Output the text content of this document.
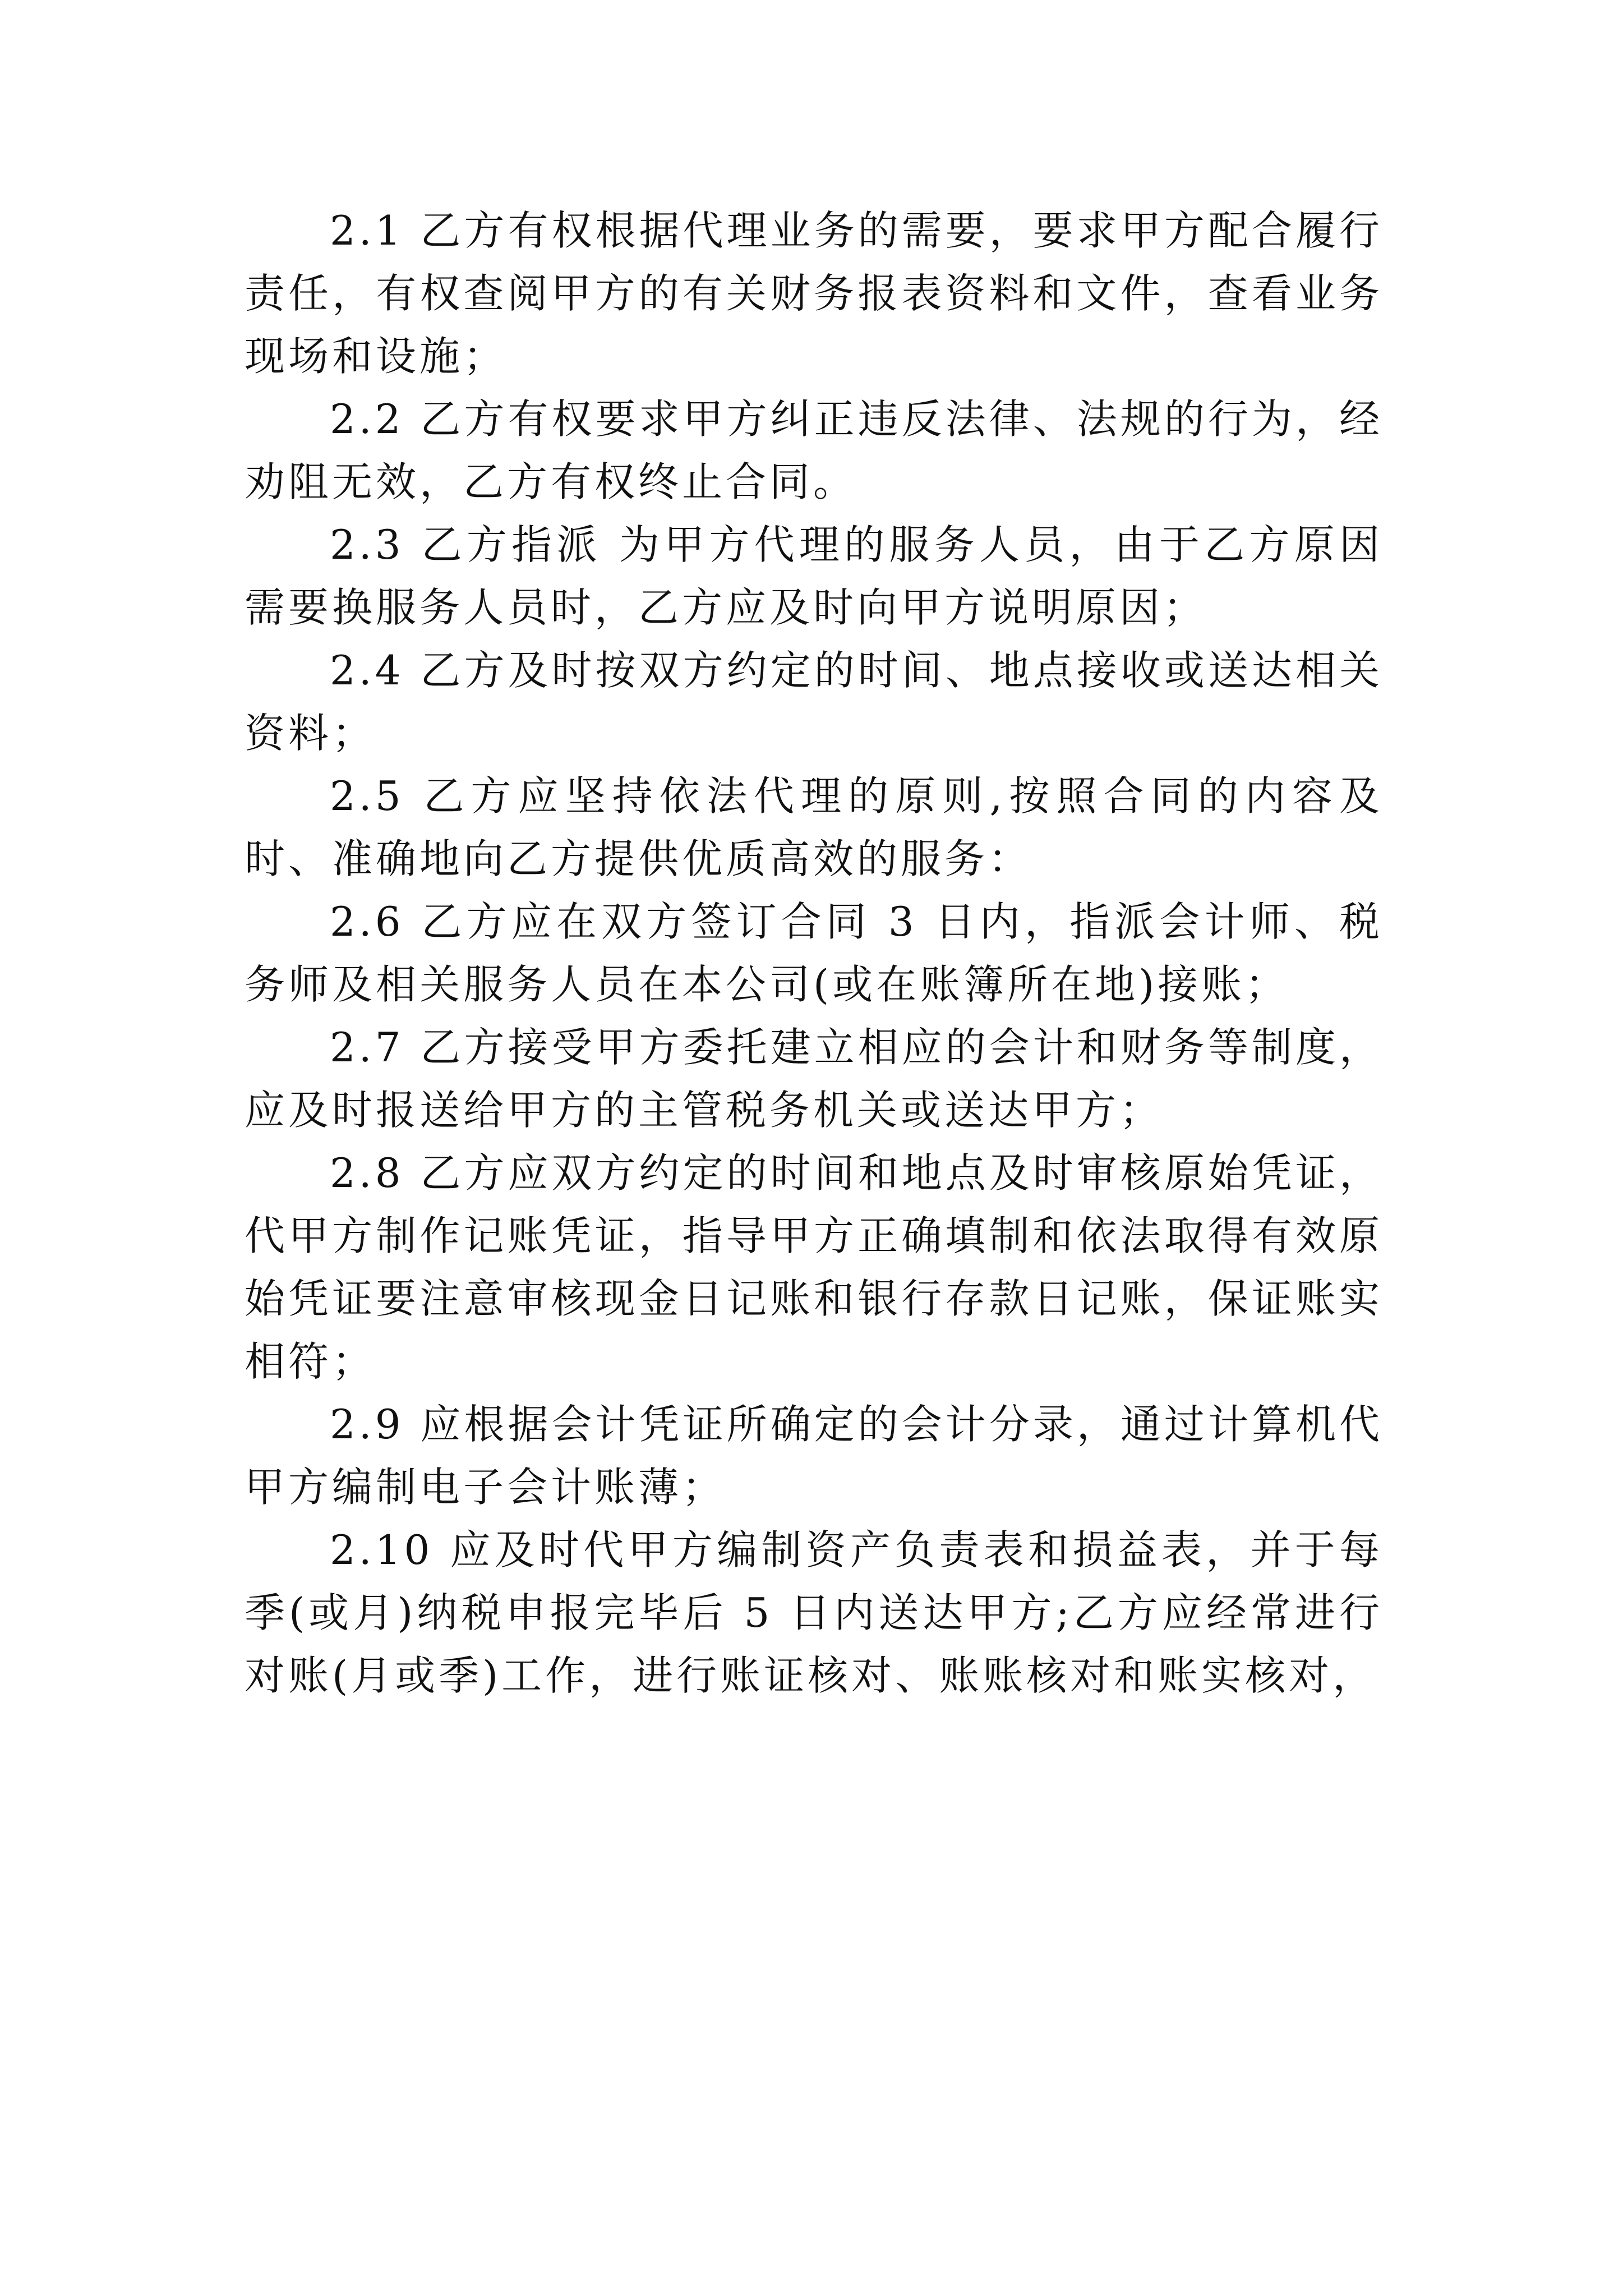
2.1 乙方有权根据代理业务的需要，要求甲方配合履行责任，有权查阅甲方的有关财务报表资料和文件，查看业务现场和设施；

2.2 乙方有权要求甲方纠正违反法律、法规的行为，经劝阻无效，乙方有权终止合同。

2.3 乙方指派 为甲方代理的服务人员，由于乙方原因需要换服务人员时，乙方应及时向甲方说明原因；

2.4 乙方及时按双方约定的时间、地点接收或送达相关资料；

2.5 乙方应坚持依法代理的原则,按照合同的内容及时、准确地向乙方提供优质高效的服务：

2.6 乙方应在双方签订合同 3 日内，指派会计师、税务师及相关服务人员在本公司(或在账簿所在地)接账；

2.7 乙方接受甲方委托建立相应的会计和财务等制度，应及时报送给甲方的主管税务机关或送达甲方；

2.8 乙方应双方约定的时间和地点及时审核原始凭证，代甲方制作记账凭证，指导甲方正确填制和依法取得有效原始凭证要注意审核现金日记账和银行存款日记账，保证账实相符；

2.9 应根据会计凭证所确定的会计分录，通过计算机代甲方编制电子会计账薄；

2.10 应及时代甲方编制资产负责表和损益表，并于每季(或月)纳税申报完毕后 5 日内送达甲方;乙方应经常进行对账(月或季)工作，进行账证核对、账账核对和账实核对，
